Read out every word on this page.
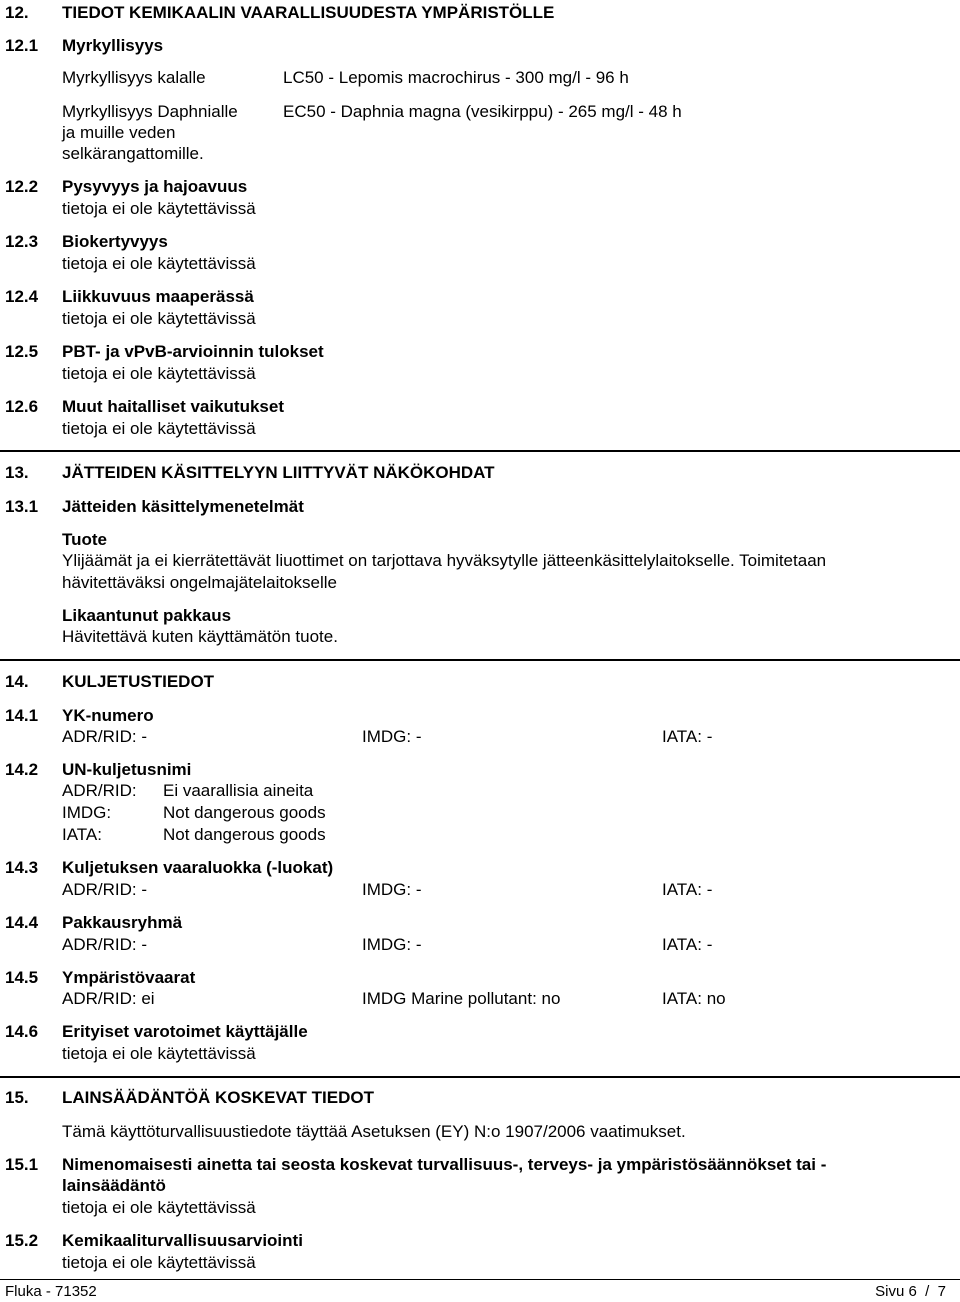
12. TIEDOT KEMIKAALIN VAARALLISUUDESTA YMPÄRISTÖLLE
12.1 Myrkyllisyys
Myrkyllisyys kalalle	LC50 - Lepomis macrochirus - 300 mg/l - 96 h
Myrkyllisyys Daphnialle	EC50 - Daphnia magna (vesikirppu) - 265 mg/l - 48 h
ja muille veden
selkärangattomille.
12.2 Pysyvyys ja hajoavuus
tietoja ei ole käytettävissä
12.3 Biokertyvyys
tietoja ei ole käytettävissä
12.4 Liikkuvuus maaperässä
tietoja ei ole käytettävissä
12.5 PBT- ja vPvB-arvioinnin tulokset
tietoja ei ole käytettävissä
12.6 Muut haitalliset vaikutukset
tietoja ei ole käytettävissä
13. JÄTTEIDEN KÄSITTELYYN LIITTYVÄT NÄKÖKOHDAT
13.1 Jätteiden käsittelymenetelmät
Tuote
Ylijäämät ja ei kierrätettävät liuottimet on tarjottava hyväksytylle jätteenkäsittelylaitokselle. Toimitetaan
hävitettäväksi ongelmajätelaitokselle
Likaantunut pakkaus
Hävitettävä kuten käyttämätön tuote.
14. KULJETUSTIEDOT
14.1 YK-numero
ADR/RID: -	IMDG: -	IATA: -
14.2 UN-kuljetusnimi
ADR/RID: Ei vaarallisia aineita
IMDG:	Not dangerous goods
IATA:	Not dangerous goods
14.3 Kuljetuksen vaaraluokka (-luokat)
ADR/RID: -	IMDG: -	IATA: -
14.4 Pakkausryhmä
ADR/RID: -	IMDG: -	IATA: -
14.5 Ympäristövaarat
ADR/RID: ei	IMDG Marine pollutant: no	IATA: no
14.6 Erityiset varotoimet käyttäjälle
tietoja ei ole käytettävissä
15. LAINSÄÄDÄNTÖÄ KOSKEVAT TIEDOT
Tämä käyttöturvallisuustiedote täyttää Asetuksen (EY) N:o 1907/2006 vaatimukset.
15.1 Nimenomaisesti ainetta tai seosta koskevat turvallisuus-, terveys- ja ympäristösäännökset tai -
lainsäädäntö
tietoja ei ole käytettävissä
15.2 Kemikaaliturvallisuusarviointi
tietoja ei ole käytettävissä
Fluka - 71352	Sivu 6  /  7
